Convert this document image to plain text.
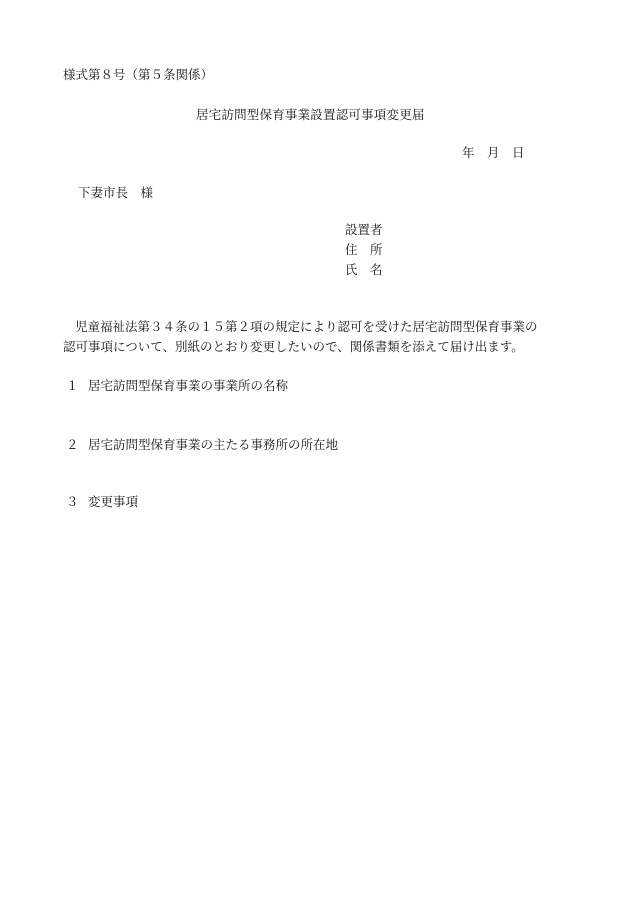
様式第８号（第５条関係）
居宅訪問型保育事業設置認可事項変更届
年　月　日
下妻市長　様
設置者
住　所
氏　名

児童福祉法第３４条の１５第２項の規定により認可を受けた居宅訪問型保育事業の

認可事項について、別紙のとおり変更したいので、関係書類を添えて届け出ます。

１ 居宅訪問型保育事業の事業所の名称
２ 居宅訪問型保育事業の主たる事務所の所在地
３ 変更事項
